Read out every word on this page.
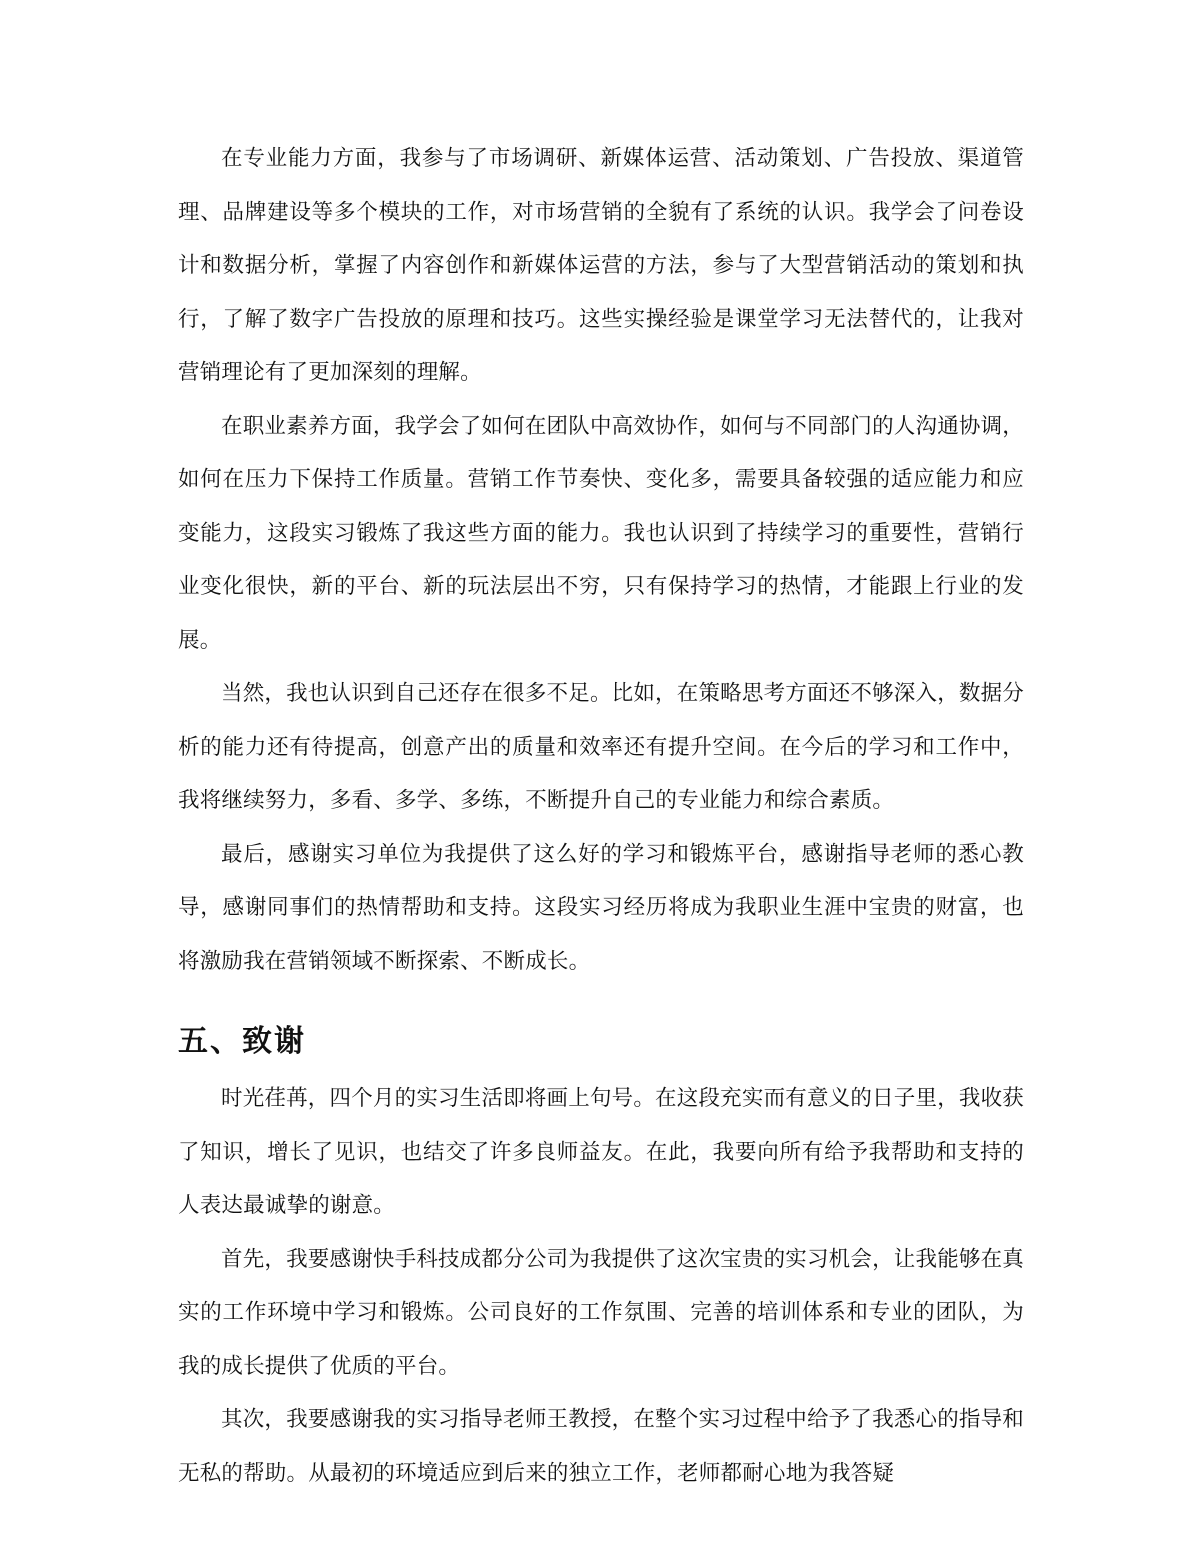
在专业能力方面，我参与了市场调研、新媒体运营、活动策划、广告投放、渠道管理、品牌建设等多个模块的工作，对市场营销的全貌有了系统的认识。我学会了问卷设计和数据分析，掌握了内容创作和新媒体运营的方法，参与了大型营销活动的策划和执行，了解了数字广告投放的原理和技巧。这些实操经验是课堂学习无法替代的，让我对营销理论有了更加深刻的理解。

在职业素养方面，我学会了如何在团队中高效协作，如何与不同部门的人沟通协调，如何在压力下保持工作质量。营销工作节奏快、变化多，需要具备较强的适应能力和应变能力，这段实习锻炼了我这些方面的能力。我也认识到了持续学习的重要性，营销行业变化很快，新的平台、新的玩法层出不穷，只有保持学习的热情，才能跟上行业的发展。

当然，我也认识到自己还存在很多不足。比如，在策略思考方面还不够深入，数据分析的能力还有待提高，创意产出的质量和效率还有提升空间。在今后的学习和工作中，我将继续努力，多看、多学、多练，不断提升自己的专业能力和综合素质。

最后，感谢实习单位为我提供了这么好的学习和锻炼平台，感谢指导老师的悉心教导，感谢同事们的热情帮助和支持。这段实习经历将成为我职业生涯中宝贵的财富，也将激励我在营销领域不断探索、不断成长。

五、致谢

时光荏苒，四个月的实习生活即将画上句号。在这段充实而有意义的日子里，我收获了知识，增长了见识，也结交了许多良师益友。在此，我要向所有给予我帮助和支持的人表达最诚挚的谢意。

首先，我要感谢快手科技成都分公司为我提供了这次宝贵的实习机会，让我能够在真实的工作环境中学习和锻炼。公司良好的工作氛围、完善的培训体系和专业的团队，为我的成长提供了优质的平台。

其次，我要感谢我的实习指导老师王教授，在整个实习过程中给予了我悉心的指导和无私的帮助。从最初的环境适应到后来的独立工作，老师都耐心地为我答疑
